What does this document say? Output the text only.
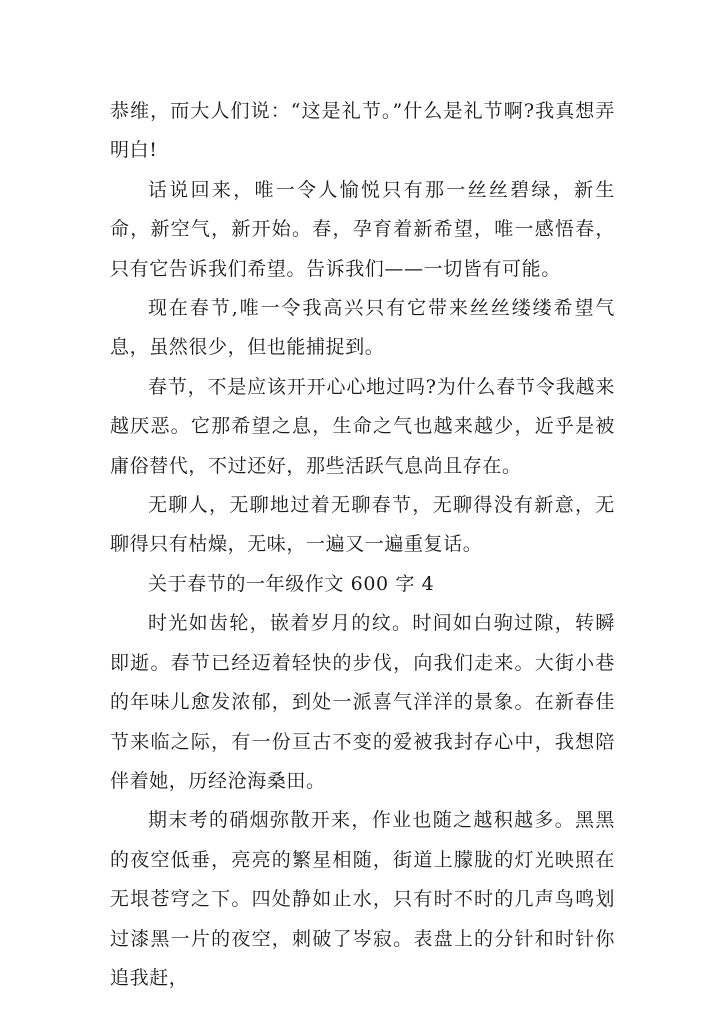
恭维，而大人们说：“这是礼节。”什么是礼节啊?我真想弄明白!

话说回来，唯一令人愉悦只有那一丝丝碧绿，新生命，新空气，新开始。春，孕育着新希望，唯一感悟春，只有它告诉我们希望。告诉我们——一切皆有可能。

现在春节,唯一令我高兴只有它带来丝丝缕缕希望气息，虽然很少，但也能捕捉到。

春节，不是应该开开心心地过吗?为什么春节令我越来越厌恶。它那希望之息，生命之气也越来越少，近乎是被庸俗替代，不过还好，那些活跃气息尚且存在。

无聊人，无聊地过着无聊春节，无聊得没有新意，无聊得只有枯燥，无味，一遍又一遍重复话。

关于春节的一年级作文 600 字 4

时光如齿轮，嵌着岁月的纹。时间如白驹过隙，转瞬即逝。春节已经迈着轻快的步伐，向我们走来。大街小巷的年味儿愈发浓郁，到处一派喜气洋洋的景象。在新春佳节来临之际，有一份亘古不变的爱被我封存心中，我想陪伴着她，历经沧海桑田。

期末考的硝烟弥散开来，作业也随之越积越多。黑黑的夜空低垂，亮亮的繁星相随，街道上朦胧的灯光映照在无垠苍穹之下。四处静如止水，只有时不时的几声鸟鸣划过漆黑一片的夜空，刺破了岑寂。表盘上的分针和时针你追我赶，
